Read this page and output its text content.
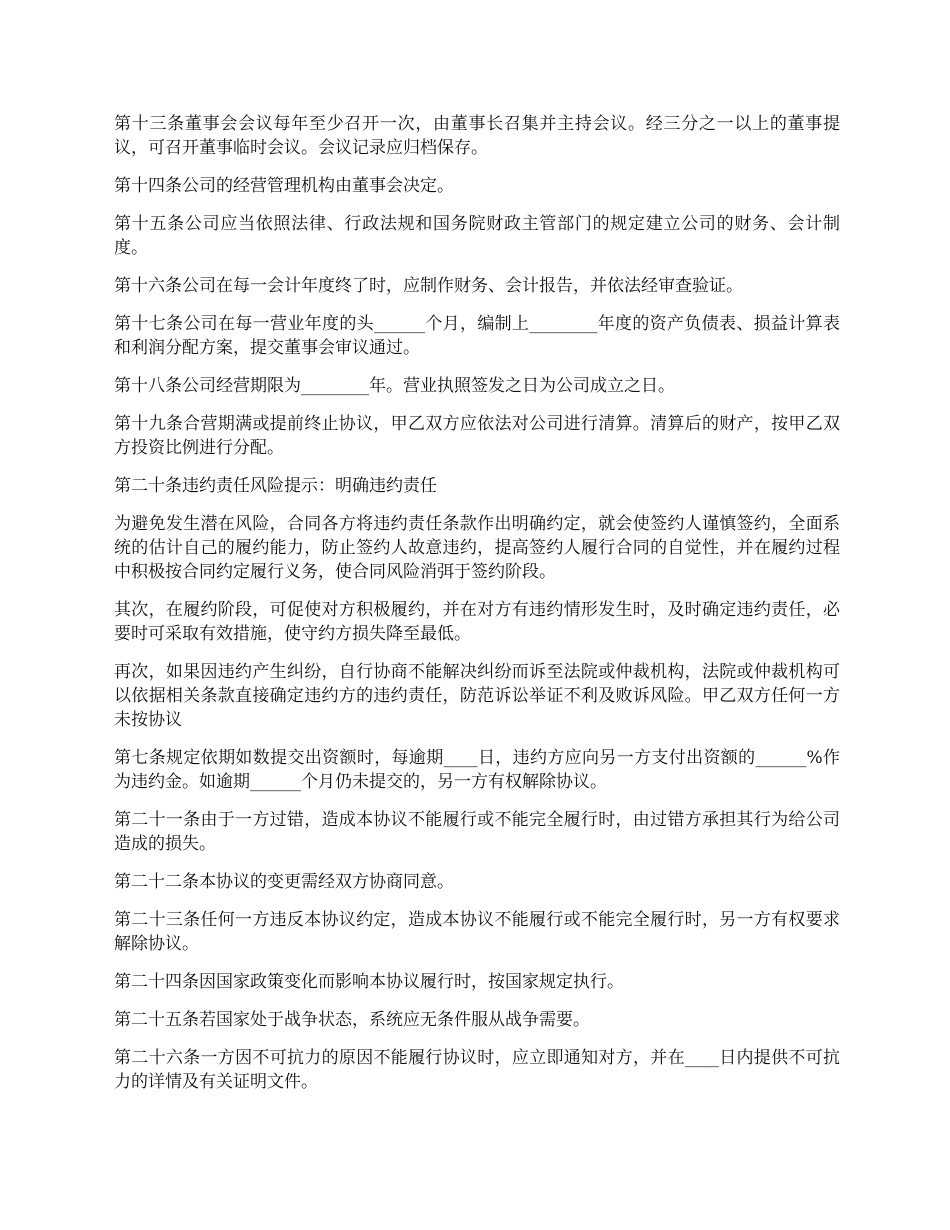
第十三条董事会会议每年至少召开一次，由董事长召集并主持会议。经三分之一以上的董事提议，可召开董事临时会议。会议记录应归档保存。

第十四条公司的经营管理机构由董事会决定。

第十五条公司应当依照法律、行政法规和国务院财政主管部门的规定建立公司的财务、会计制度。

第十六条公司在每一会计年度终了时，应制作财务、会计报告，并依法经审查验证。

第十七条公司在每一营业年度的头______个月，编制上________年度的资产负债表、损益计算表和利润分配方案，提交董事会审议通过。

第十八条公司经营期限为________年。营业执照签发之日为公司成立之日。

第十九条合营期满或提前终止协议，甲乙双方应依法对公司进行清算。清算后的财产，按甲乙双方投资比例进行分配。

第二十条违约责任风险提示：明确违约责任

为避免发生潜在风险，合同各方将违约责任条款作出明确约定，就会使签约人谨慎签约，全面系统的估计自己的履约能力，防止签约人故意违约，提高签约人履行合同的自觉性，并在履约过程中积极按合同约定履行义务，使合同风险消弭于签约阶段。

其次，在履约阶段，可促使对方积极履约，并在对方有违约情形发生时，及时确定违约责任，必要时可采取有效措施，使守约方损失降至最低。

再次，如果因违约产生纠纷，自行协商不能解决纠纷而诉至法院或仲裁机构，法院或仲裁机构可以依据相关条款直接确定违约方的违约责任，防范诉讼举证不利及败诉风险。甲乙双方任何一方未按协议

第七条规定依期如数提交出资额时，每逾期____日，违约方应向另一方支付出资额的______%作为违约金。如逾期______个月仍未提交的，另一方有权解除协议。

第二十一条由于一方过错，造成本协议不能履行或不能完全履行时，由过错方承担其行为给公司造成的损失。

第二十二条本协议的变更需经双方协商同意。

第二十三条任何一方违反本协议约定，造成本协议不能履行或不能完全履行时，另一方有权要求解除协议。

第二十四条因国家政策变化而影响本协议履行时，按国家规定执行。

第二十五条若国家处于战争状态，系统应无条件服从战争需要。

第二十六条一方因不可抗力的原因不能履行协议时，应立即通知对方，并在____日内提供不可抗力的详情及有关证明文件。
